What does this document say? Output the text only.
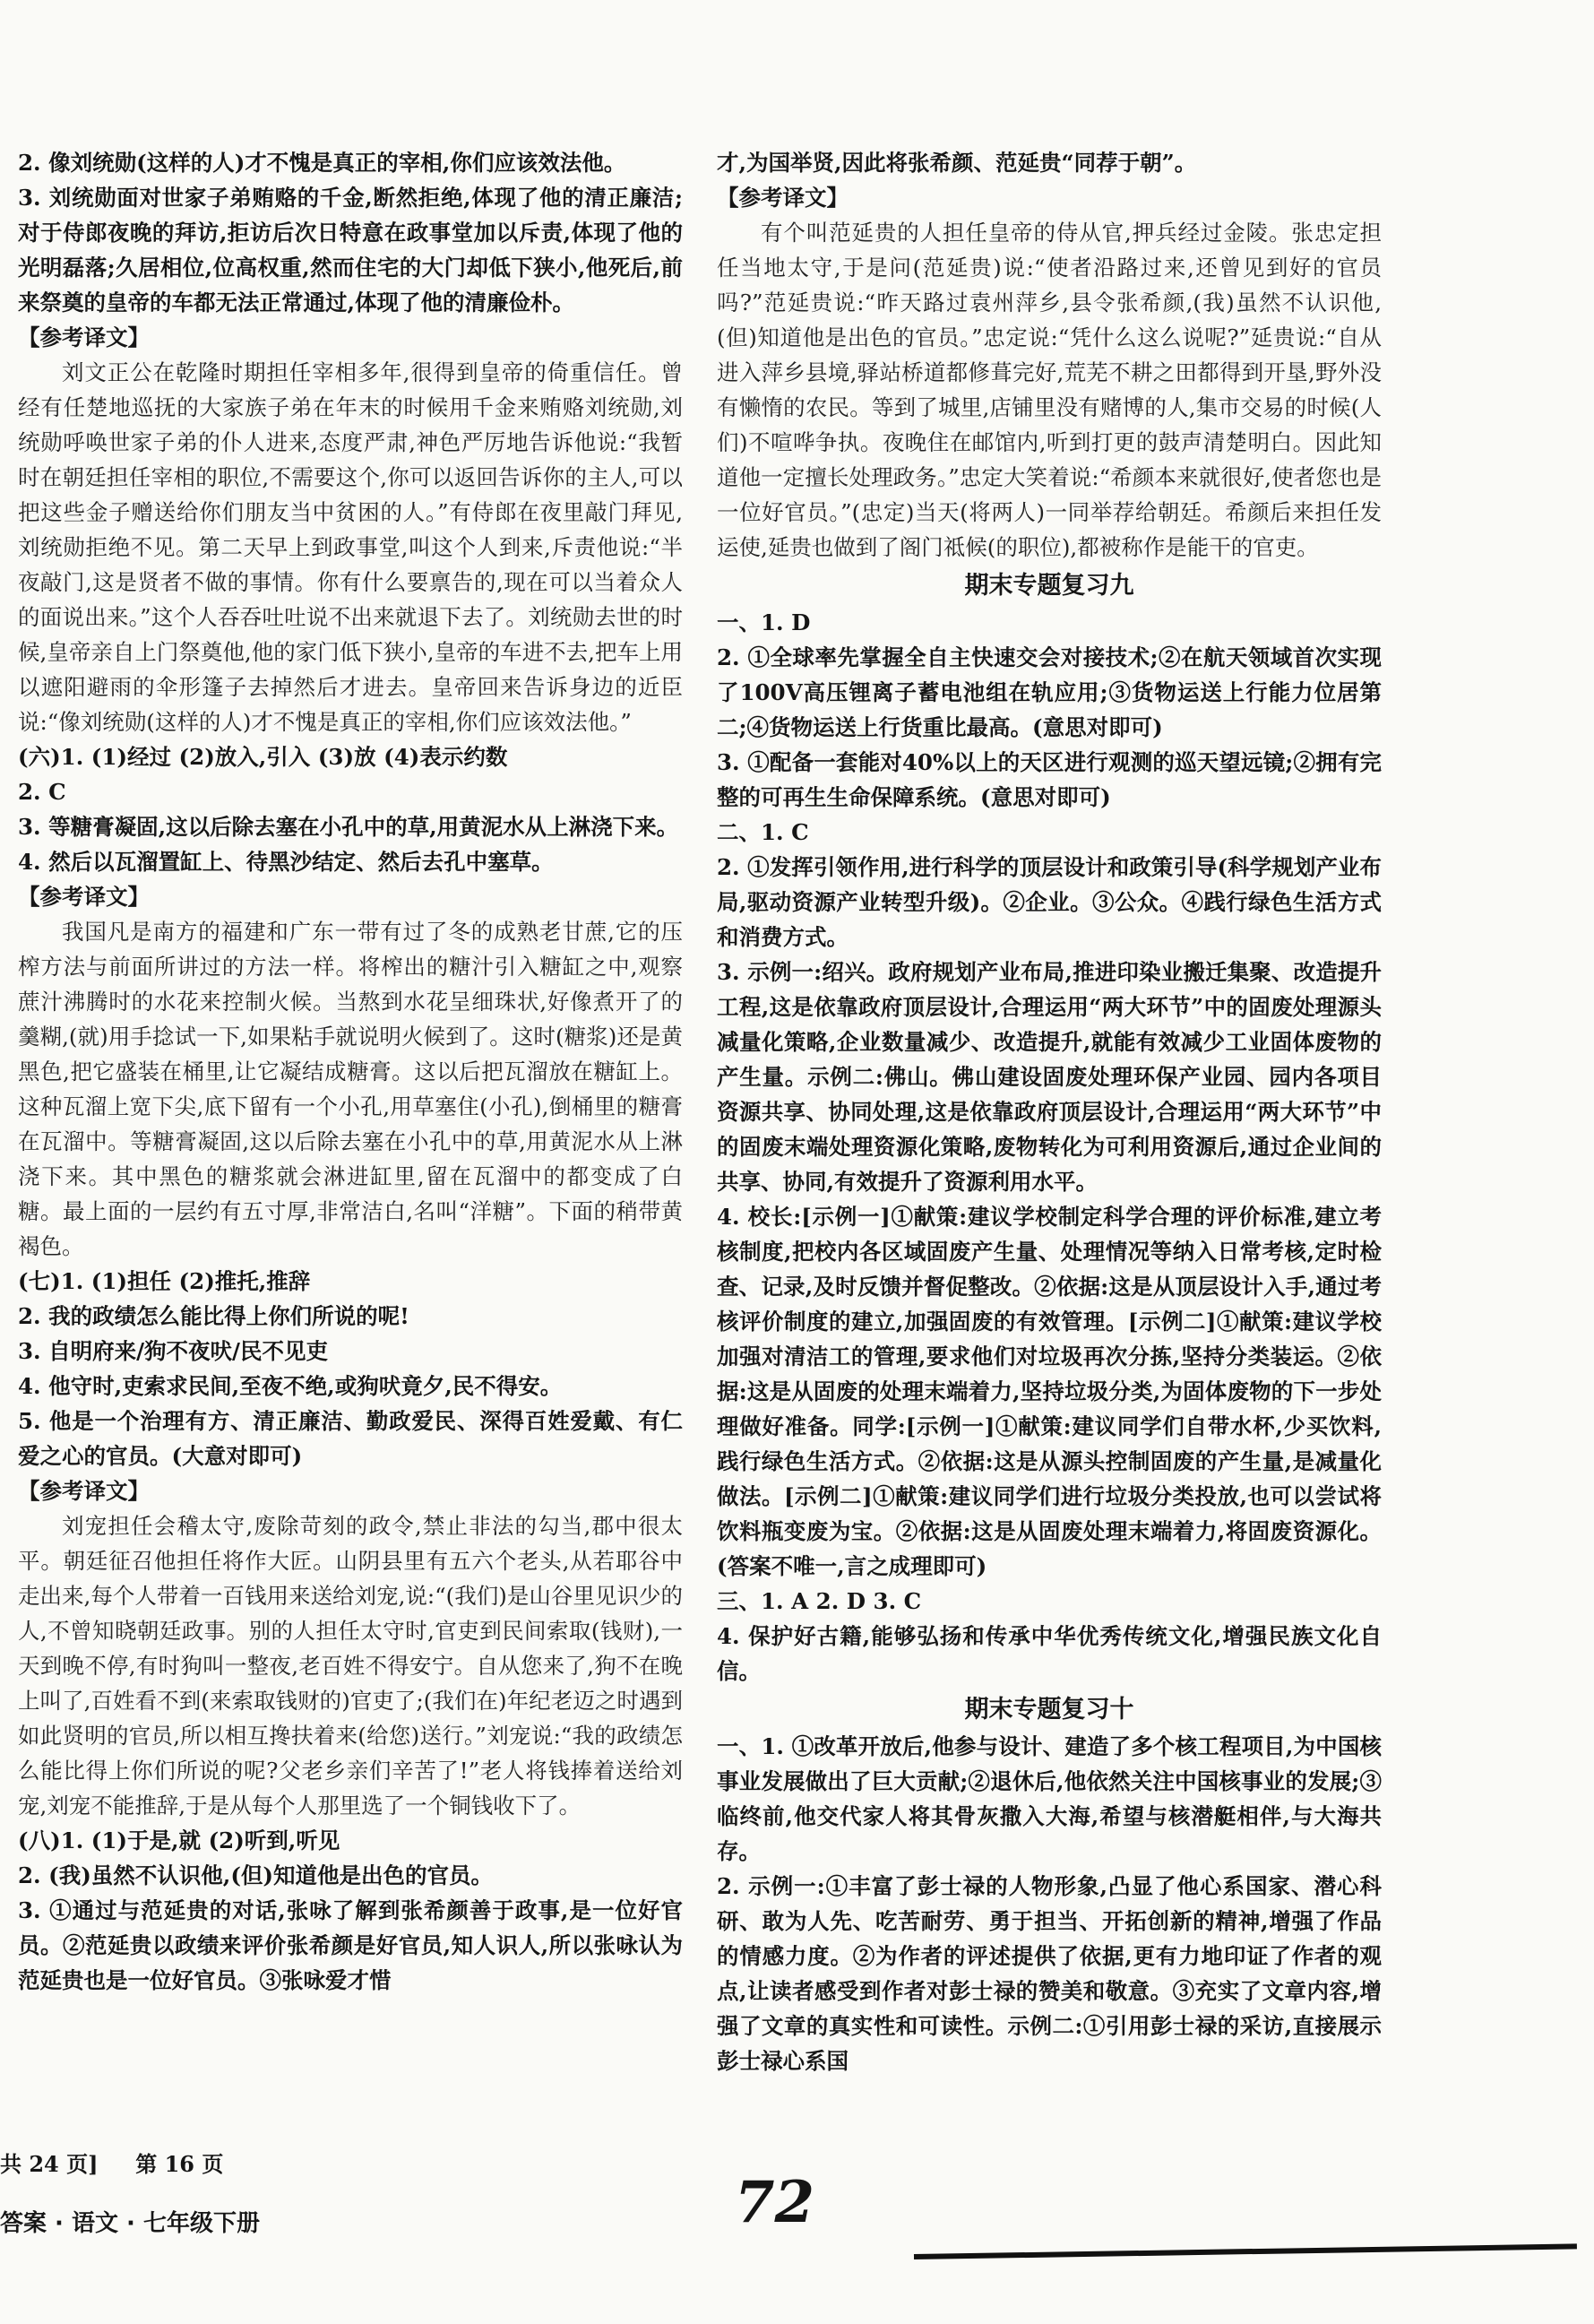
2. 像刘统勋(这样的人)才不愧是真正的宰相,你们应该效法他。

3. 刘统勋面对世家子弟贿赂的千金,断然拒绝,体现了他的清正廉洁;对于侍郎夜晚的拜访,拒访后次日特意在政事堂加以斥责,体现了他的光明磊落;久居相位,位高权重,然而住宅的大门却低下狭小,他死后,前来祭奠的皇帝的车都无法正常通过,体现了他的清廉俭朴。

【参考译文】

刘文正公在乾隆时期担任宰相多年,很得到皇帝的倚重信任。曾经有任楚地巡抚的大家族子弟在年末的时候用千金来贿赂刘统勋,刘统勋呼唤世家子弟的仆人进来,态度严肃,神色严厉地告诉他说:“我暂时在朝廷担任宰相的职位,不需要这个,你可以返回告诉你的主人,可以把这些金子赠送给你们朋友当中贫困的人。”有侍郎在夜里敲门拜见,刘统勋拒绝不见。第二天早上到政事堂,叫这个人到来,斥责他说:“半夜敲门,这是贤者不做的事情。你有什么要禀告的,现在可以当着众人的面说出来。”这个人吞吞吐吐说不出来就退下去了。刘统勋去世的时候,皇帝亲自上门祭奠他,他的家门低下狭小,皇帝的车进不去,把车上用以遮阳避雨的伞形篷子去掉然后才进去。皇帝回来告诉身边的近臣说:“像刘统勋(这样的人)才不愧是真正的宰相,你们应该效法他。”

(六)1. (1)经过 (2)放入,引入 (3)放 (4)表示约数

2. C

3. 等糖膏凝固,这以后除去塞在小孔中的草,用黄泥水从上淋浇下来。

4. 然后以瓦溜置缸上、待黑沙结定、然后去孔中塞草。

【参考译文】

我国凡是南方的福建和广东一带有过了冬的成熟老甘蔗,它的压榨方法与前面所讲过的方法一样。将榨出的糖汁引入糖缸之中,观察蔗汁沸腾时的水花来控制火候。当熬到水花呈细珠状,好像煮开了的羹糊,(就)用手捻试一下,如果粘手就说明火候到了。这时(糖浆)还是黄黑色,把它盛装在桶里,让它凝结成糖膏。这以后把瓦溜放在糖缸上。这种瓦溜上宽下尖,底下留有一个小孔,用草塞住(小孔),倒桶里的糖膏在瓦溜中。等糖膏凝固,这以后除去塞在小孔中的草,用黄泥水从上淋浇下来。其中黑色的糖浆就会淋进缸里,留在瓦溜中的都变成了白糖。最上面的一层约有五寸厚,非常洁白,名叫“洋糖”。下面的稍带黄褐色。

(七)1. (1)担任 (2)推托,推辞

2. 我的政绩怎么能比得上你们所说的呢!

3. 自明府来/狗不夜吠/民不见吏

4. 他守时,吏索求民间,至夜不绝,或狗吠竟夕,民不得安。

5. 他是一个治理有方、清正廉洁、勤政爱民、深得百姓爱戴、有仁爱之心的官员。(大意对即可)

【参考译文】

刘宠担任会稽太守,废除苛刻的政令,禁止非法的勾当,郡中很太平。朝廷征召他担任将作大匠。山阴县里有五六个老头,从若耶谷中走出来,每个人带着一百钱用来送给刘宠,说:“(我们)是山谷里见识少的人,不曾知晓朝廷政事。别的人担任太守时,官吏到民间索取(钱财),一天到晚不停,有时狗叫一整夜,老百姓不得安宁。自从您来了,狗不在晚上叫了,百姓看不到(来索取钱财的)官吏了;(我们在)年纪老迈之时遇到如此贤明的官员,所以相互搀扶着来(给您)送行。”刘宠说:“我的政绩怎么能比得上你们所说的呢?父老乡亲们辛苦了!”老人将钱捧着送给刘宠,刘宠不能推辞,于是从每个人那里选了一个铜钱收下了。

(八)1. (1)于是,就 (2)听到,听见

2. (我)虽然不认识他,(但)知道他是出色的官员。

3. ①通过与范延贵的对话,张咏了解到张希颜善于政事,是一位好官员。②范延贵以政绩来评价张希颜是好官员,知人识人,所以张咏认为范延贵也是一位好官员。③张咏爱才惜

才,为国举贤,因此将张希颜、范延贵“同荐于朝”。

【参考译文】

有个叫范延贵的人担任皇帝的侍从官,押兵经过金陵。张忠定担任当地太守,于是问(范延贵)说:“使者沿路过来,还曾见到好的官员吗?”范延贵说:“昨天路过袁州萍乡,县令张希颜,(我)虽然不认识他,(但)知道他是出色的官员。”忠定说:“凭什么这么说呢?”延贵说:“自从进入萍乡县境,驿站桥道都修葺完好,荒芜不耕之田都得到开垦,野外没有懒惰的农民。等到了城里,店铺里没有赌博的人,集市交易的时候(人们)不喧哗争执。夜晚住在邮馆内,听到打更的鼓声清楚明白。因此知道他一定擅长处理政务。”忠定大笑着说:“希颜本来就很好,使者您也是一位好官员。”(忠定)当天(将两人)一同举荐给朝廷。希颜后来担任发运使,延贵也做到了阁门祗候(的职位),都被称作是能干的官吏。

期末专题复习九

一、1. D

2. ①全球率先掌握全自主快速交会对接技术;②在航天领域首次实现了100V高压锂离子蓄电池组在轨应用;③货物运送上行能力位居第二;④货物运送上行货重比最高。(意思对即可)

3. ①配备一套能对40%以上的天区进行观测的巡天望远镜;②拥有完整的可再生生命保障系统。(意思对即可)

二、1. C

2. ①发挥引领作用,进行科学的顶层设计和政策引导(科学规划产业布局,驱动资源产业转型升级)。②企业。③公众。④践行绿色生活方式和消费方式。

3. 示例一:绍兴。政府规划产业布局,推进印染业搬迁集聚、改造提升工程,这是依靠政府顶层设计,合理运用“两大环节”中的固废处理源头减量化策略,企业数量减少、改造提升,就能有效减少工业固体废物的产生量。示例二:佛山。佛山建设固废处理环保产业园、园内各项目资源共享、协同处理,这是依靠政府顶层设计,合理运用“两大环节”中的固废末端处理资源化策略,废物转化为可利用资源后,通过企业间的共享、协同,有效提升了资源利用水平。

4. 校长:[示例一]①献策:建议学校制定科学合理的评价标准,建立考核制度,把校内各区域固废产生量、处理情况等纳入日常考核,定时检查、记录,及时反馈并督促整改。②依据:这是从顶层设计入手,通过考核评价制度的建立,加强固废的有效管理。[示例二]①献策:建议学校加强对清洁工的管理,要求他们对垃圾再次分拣,坚持分类装运。②依据:这是从固废的处理末端着力,坚持垃圾分类,为固体废物的下一步处理做好准备。同学:[示例一]①献策:建议同学们自带水杯,少买饮料,践行绿色生活方式。②依据:这是从源头控制固废的产生量,是减量化做法。[示例二]①献策:建议同学们进行垃圾分类投放,也可以尝试将饮料瓶变废为宝。②依据:这是从固废处理末端着力,将固废资源化。(答案不唯一,言之成理即可)

三、1. A 2. D 3. C

4. 保护好古籍,能够弘扬和传承中华优秀传统文化,增强民族文化自信。

期末专题复习十

一、1. ①改革开放后,他参与设计、建造了多个核工程项目,为中国核事业发展做出了巨大贡献;②退休后,他依然关注中国核事业的发展;③临终前,他交代家人将其骨灰撒入大海,希望与核潜艇相伴,与大海共存。

2. 示例一:①丰富了彭士禄的人物形象,凸显了他心系国家、潜心科研、敢为人先、吃苦耐劳、勇于担当、开拓创新的精神,增强了作品的情感力度。②为作者的评述提供了依据,更有力地印证了作者的观点,让读者感受到作者对彭士禄的赞美和敬意。③充实了文章内容,增强了文章的真实性和可读性。示例二:①引用彭士禄的采访,直接展示彭士禄心系国

共 24 页] 第 16 页
答案 · 语文 · 七年级下册	72
